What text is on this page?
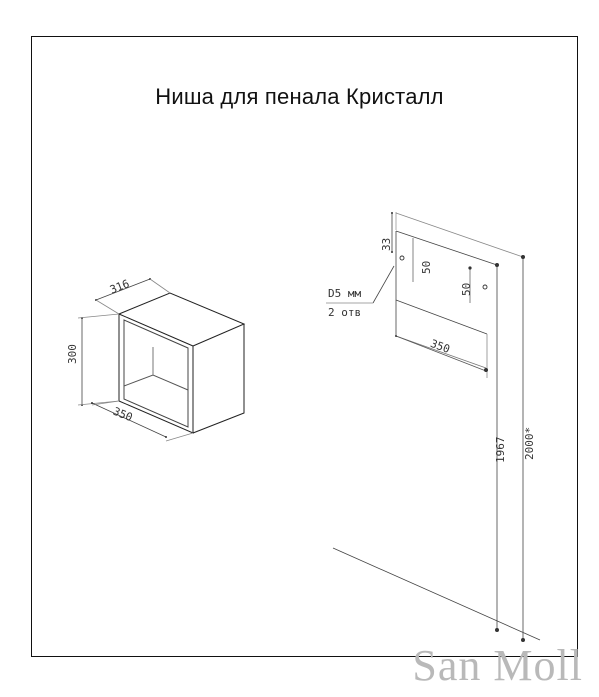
Ниша для пенала Кристалл
316
300
350
33
50
50
D5 мм
2 отв
350
1967 2000*
San Moll
